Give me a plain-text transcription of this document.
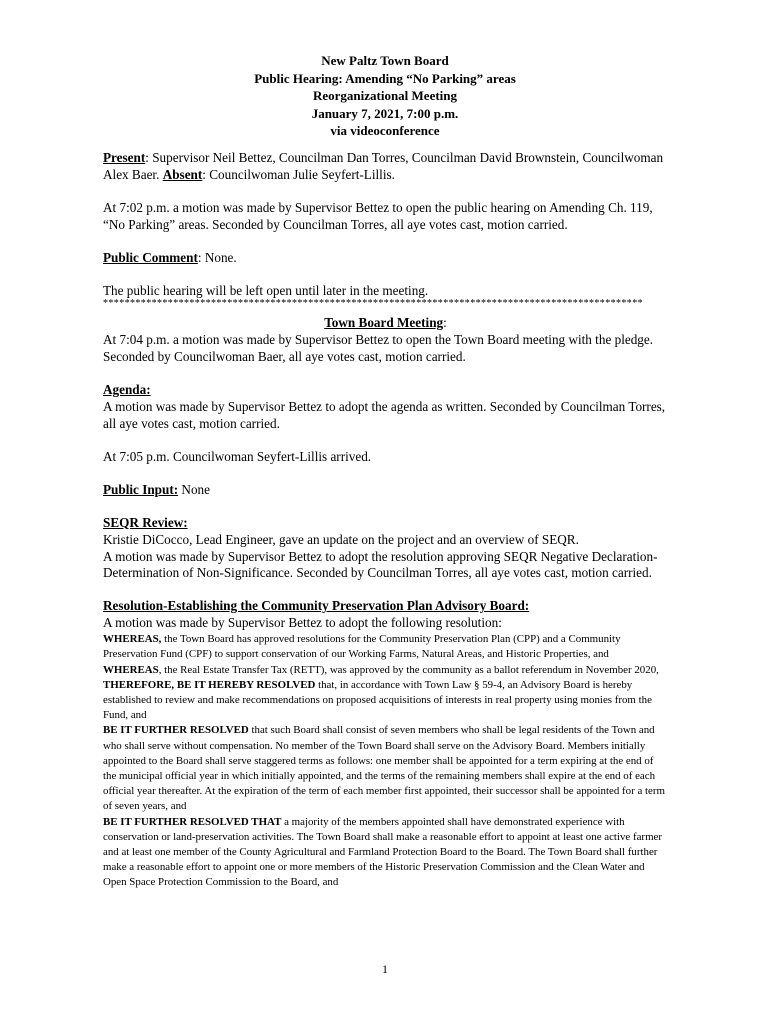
New Paltz Town Board
Public Hearing: Amending “No Parking” areas
Reorganizational Meeting
January 7, 2021, 7:00 p.m.
via videoconference

Present: Supervisor Neil Bettez, Councilman Dan Torres, Councilman David Brownstein, Councilwoman Alex Baer. Absent: Councilwoman Julie Seyfert-Lillis.

At 7:02 p.m. a motion was made by Supervisor Bettez to open the public hearing on Amending Ch. 119, “No Parking” areas. Seconded by Councilman Torres, all aye votes cast, motion carried.

Public Comment: None.

The public hearing will be left open until later in the meeting.

****************************************************************************************************
Town Board Meeting:

At 7:04 p.m. a motion was made by Supervisor Bettez to open the Town Board meeting with the pledge. Seconded by Councilwoman Baer, all aye votes cast, motion carried.

Agenda:

A motion was made by Supervisor Bettez to adopt the agenda as written. Seconded by Councilman Torres, all aye votes cast, motion carried.

At 7:05 p.m. Councilwoman Seyfert-Lillis arrived.

Public Input: None

SEQR Review:
Kristie DiCocco, Lead Engineer, gave an update on the project and an overview of SEQR.

A motion was made by Supervisor Bettez to adopt the resolution approving SEQR Negative Declaration-Determination of Non-Significance. Seconded by Councilman Torres, all aye votes cast, motion carried.

Resolution-Establishing the Community Preservation Plan Advisory Board:
A motion was made by Supervisor Bettez to adopt the following resolution:

WHEREAS, the Town Board has approved resolutions for the Community Preservation Plan (CPP) and a Community Preservation Fund (CPF) to support conservation of our Working Farms, Natural Areas, and Historic Properties, and

WHEREAS, the Real Estate Transfer Tax (RETT), was approved by the community as a ballot referendum in November 2020,

THEREFORE, BE IT HEREBY RESOLVED that, in accordance with Town Law § 59-4, an Advisory Board is hereby established to review and make recommendations on proposed acquisitions of interests in real property using monies from the Fund, and

BE IT FURTHER RESOLVED that such Board shall consist of seven members who shall be legal residents of the Town and who shall serve without compensation. No member of the Town Board shall serve on the Advisory Board. Members initially appointed to the Board shall serve staggered terms as follows: one member shall be appointed for a term expiring at the end of the municipal official year in which initially appointed, and the terms of the remaining members shall expire at the end of each official year thereafter. At the expiration of the term of each member first appointed, their successor shall be appointed for a term of seven years, and

BE IT FURTHER RESOLVED THAT a majority of the members appointed shall have demonstrated experience with conservation or land-preservation activities. The Town Board shall make a reasonable effort to appoint at least one active farmer and at least one member of the County Agricultural and Farmland Protection Board to the Board. The Town Board shall further make a reasonable effort to appoint one or more members of the Historic Preservation Commission and the Clean Water and Open Space Protection Commission to the Board, and

1
